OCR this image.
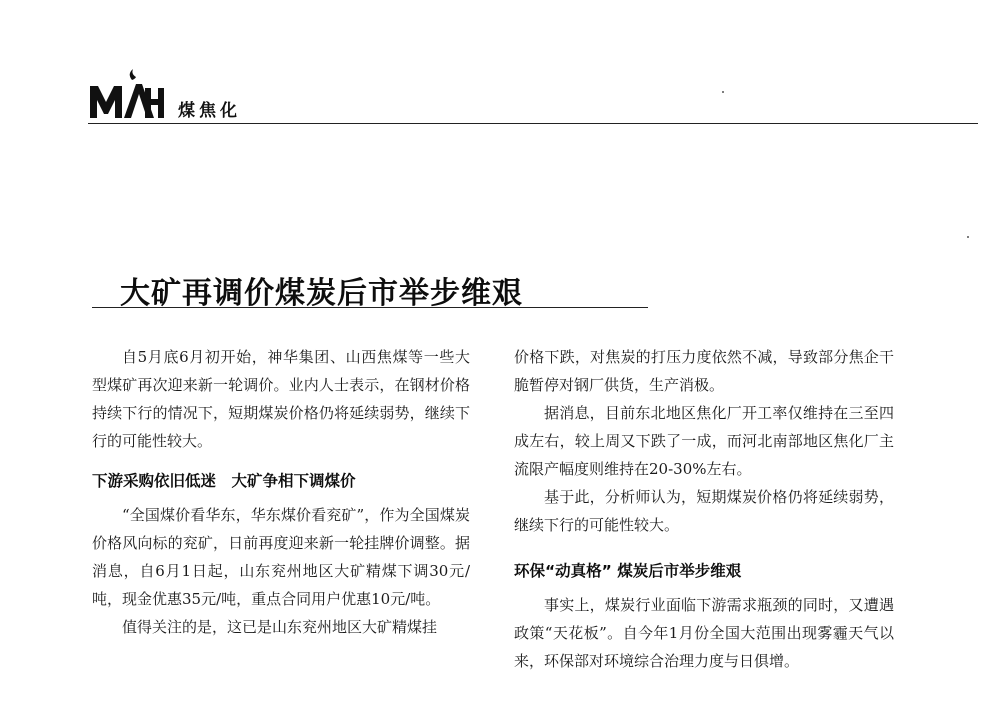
煤焦化
大矿再调价煤炭后市举步维艰

自5月底6月初开始，神华集团、山西焦煤等一些大型煤矿再次迎来新一轮调价。业内人士表示，在钢材价格持续下行的情况下，短期煤炭价格仍将延续弱势，继续下行的可能性较大。

下游采购依旧低迷　大矿争相下调煤价

“全国煤价看华东，华东煤价看兖矿”，作为全国煤炭价格风向标的兖矿，日前再度迎来新一轮挂牌价调整。据消息，自6月1日起，山东兖州地区大矿精煤下调30元/吨，现金优惠35元/吨，重点合同用户优惠10元/吨。

值得关注的是，这已是山东兖州地区大矿精煤挂

价格下跌，对焦炭的打压力度依然不减，导致部分焦企干脆暂停对钢厂供货，生产消极。

据消息，目前东北地区焦化厂开工率仅维持在三至四成左右，较上周又下跌了一成，而河北南部地区焦化厂主流限产幅度则维持在20-30%左右。

基于此，分析师认为，短期煤炭价格仍将延续弱势，继续下行的可能性较大。

环保“动真格” 煤炭后市举步维艰

事实上，煤炭行业面临下游需求瓶颈的同时，又遭遇政策“天花板”。自今年1月份全国大范围出现雾霾天气以来，环保部对环境综合治理力度与日俱增。
